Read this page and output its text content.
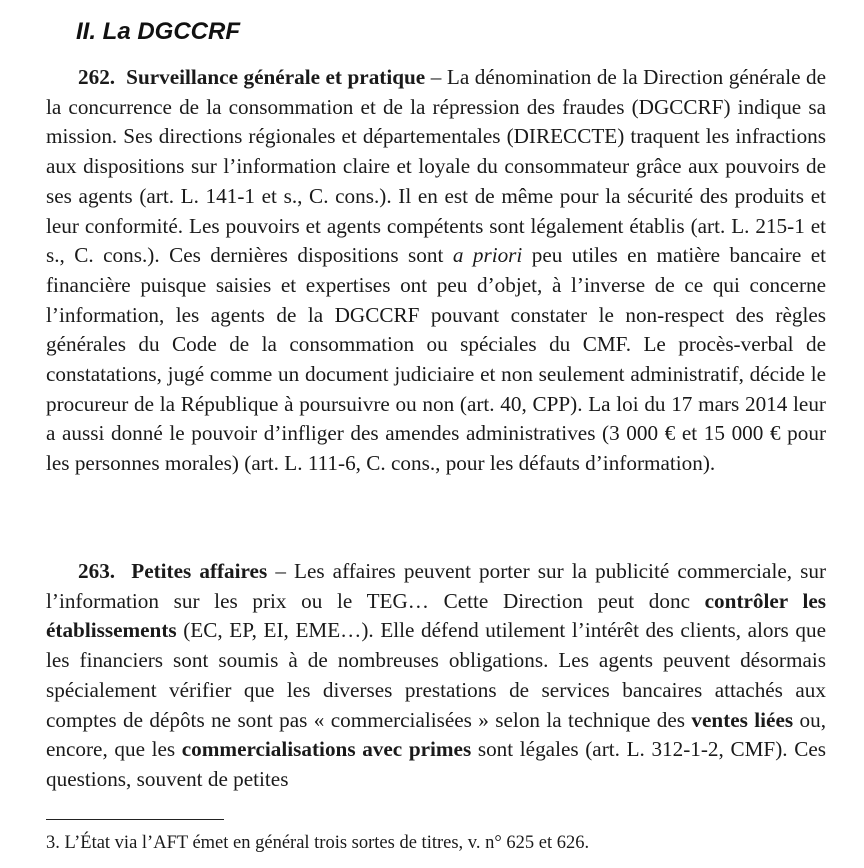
II. La DGCCRF

262. Surveillance générale et pratique – La dénomination de la Direction générale de la concurrence de la consommation et de la répression des fraudes (DGCCRF) indique sa mission. Ses directions régionales et départementales (DIRECCTE) traquent les infractions aux dispositions sur l’information claire et loyale du consommateur grâce aux pouvoirs de ses agents (art. L. 141-1 et s., C. cons.). Il en est de même pour la sécurité des produits et leur conformité. Les pouvoirs et agents compétents sont légalement établis (art. L. 215-1 et s., C. cons.). Ces dernières dispositions sont a priori peu utiles en matière bancaire et financière puisque saisies et expertises ont peu d’objet, à l’inverse de ce qui concerne l’information, les agents de la DGCCRF pouvant constater le non-respect des règles générales du Code de la consommation ou spéciales du CMF. Le procès-verbal de constatations, jugé comme un document judiciaire et non seulement administratif, décide le procureur de la République à poursuivre ou non (art. 40, CPP). La loi du 17 mars 2014 leur a aussi donné le pouvoir d’infliger des amendes administratives (3 000 € et 15 000 € pour les personnes morales) (art. L. 111-6, C. cons., pour les défauts d’information).

263. Petites affaires – Les affaires peuvent porter sur la publicité commerciale, sur l’information sur les prix ou le TEG… Cette Direction peut donc contrôler les établissements (EC, EP, EI, EME…). Elle défend utilement l’intérêt des clients, alors que les financiers sont soumis à de nombreuses obligations. Les agents peuvent désormais spécialement vérifier que les diverses prestations de services bancaires attachés aux comptes de dépôts ne sont pas « commercialisées » selon la technique des ventes liées ou, encore, que les commercialisations avec primes sont légales (art. L. 312-1-2, CMF). Ces questions, souvent de petites

3. L’État via l’AFT émet en général trois sortes de titres, v. n° 625 et 626.
